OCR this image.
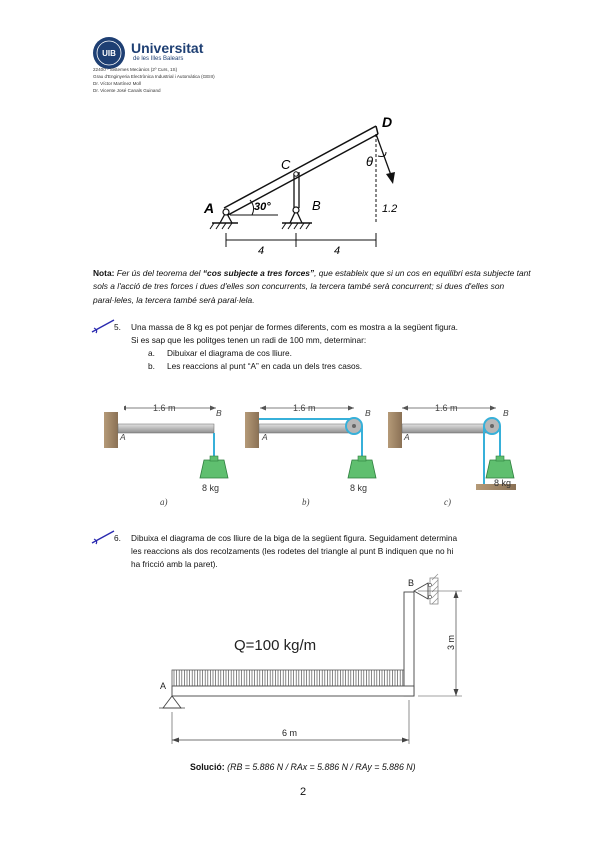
UIB Universitat
de les Illes Balears
22400 - Sistemes Mecànics (2º Curs, 1S)
Grau d'Enginyeria Electrònica Industrial i Automàtica (GEIII)
Dr. Víctor Martínez Moll
Dr. Vicente José Canals Guinand
A	B
C
D
30°
θ
1.2
4	4
Nota: Fer ús del teorema del “cos subjecte a tres forces”, que estableix que si un cos en equilibri esta subjecte tant sols a l'acció de tres forces i dues d'elles son concurrents, la tercera també serà concurrent; si dues d'elles son paral·leles, la tercera també serà paral·lela.
5. Una massa de 8 kg es pot penjar de formes diferents, com es mostra a la següent figura.
Si es sap que les politges tenen un radi de 100 mm, determinar:
a. Dibuixar el diagrama de cos lliure.
b. Les reaccions al punt “A” en cada un dels tres casos.
1.6 m
A
B
8 kg
1.6 m
A
B
8 kg
1.6 m
A
B
8 kg
a)	b)	c)
6. Dibuixa el diagrama de cos lliure de la biga de la següent figura. Seguidament determina
les reaccions als dos recolzaments (les rodetes del triangle al punt B indiquen que no hi
ha fricció amb la paret).
Q=100 kg/m
A
B
6 m
3 m
Solució: (RB = 5.886 N / RAx = 5.886 N / RAy = 5.886 N)
2
